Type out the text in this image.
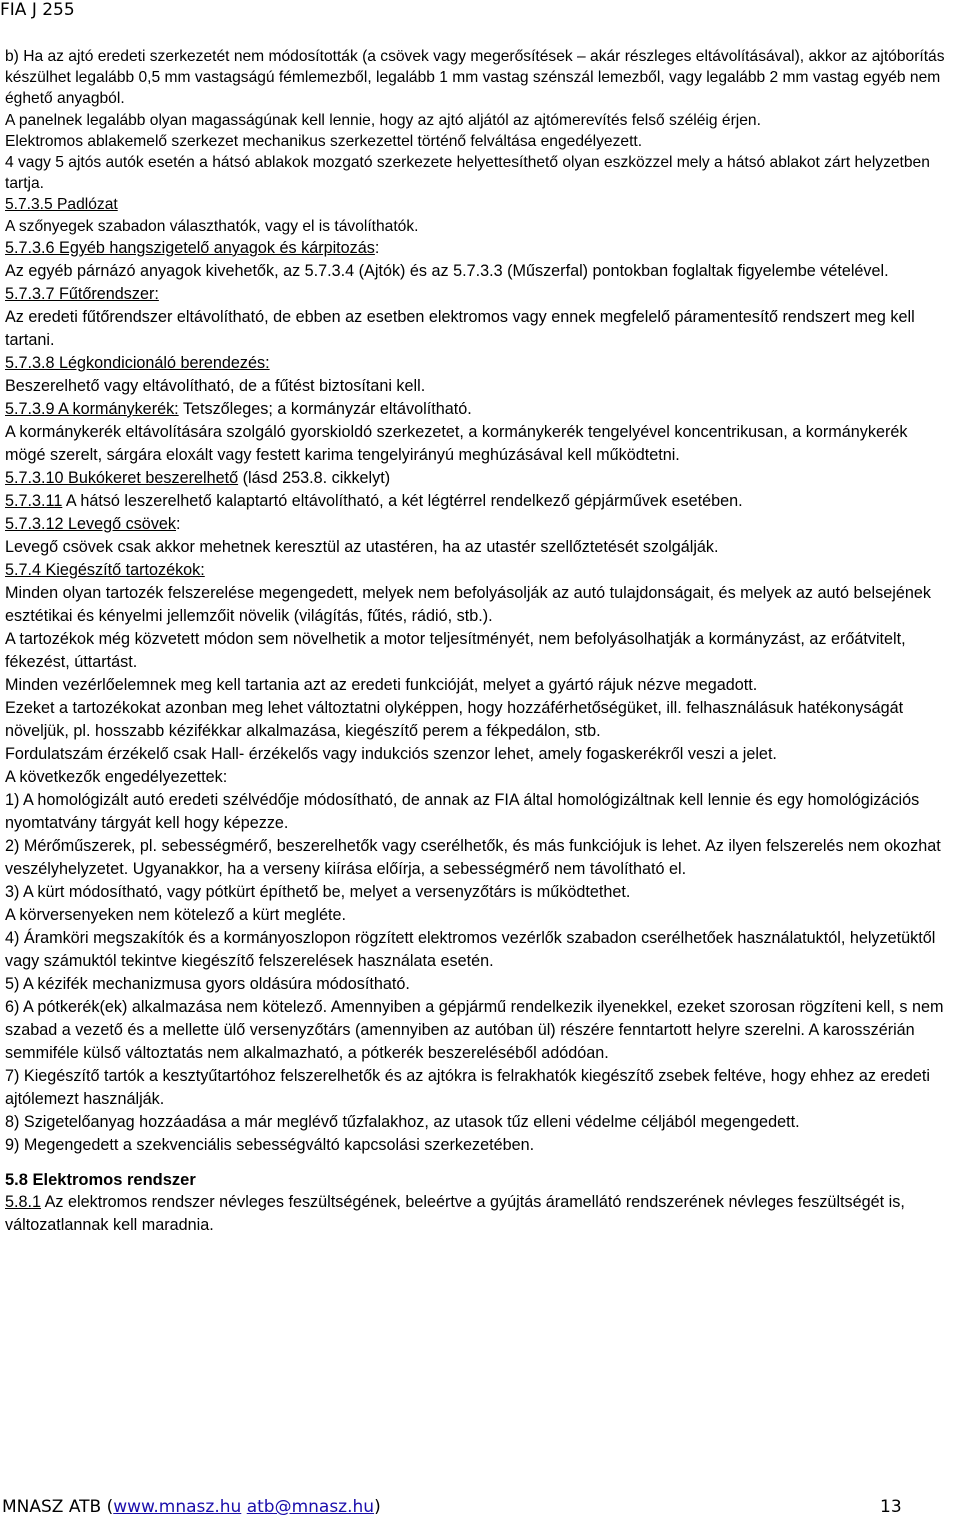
FIA J 255

b) Ha az ajtó eredeti szerkezetét nem módosították (a csövek vagy megerősítések – akár részleges eltávolításával), akkor az ajtóborítás készülhet legalább 0,5 mm vastagságú fémlemezből, legalább 1 mm vastag szénszál lemezből, vagy legalább 2 mm vastag egyéb nem éghető anyagból.

A panelnek legalább olyan magasságúnak kell lennie, hogy az ajtó aljától az ajtómerevítés felső széléig érjen.

Elektromos ablakemelő szerkezet mechanikus szerkezettel történő felváltása engedélyezett.

4 vagy 5 ajtós autók esetén a hátsó ablakok mozgató szerkezete helyettesíthető olyan eszközzel mely a hátsó ablakot zárt helyzetben tartja.

5.7.3.5 Padlózat

A szőnyegek szabadon választhatók, vagy el is távolíthatók.

5.7.3.6 Egyéb hangszigetelő anyagok és kárpitozás:

Az egyéb párnázó anyagok kivehetők, az 5.7.3.4 (Ajtók) és az 5.7.3.3 (Műszerfal) pontokban foglaltak figyelembe vételével.

5.7.3.7 Fűtőrendszer:

Az eredeti fűtőrendszer eltávolítható, de ebben az esetben elektromos vagy ennek megfelelő páramentesítő rendszert meg kell tartani.

5.7.3.8 Légkondicionáló berendezés:

Beszerelhető vagy eltávolítható, de a fűtést biztosítani kell.

5.7.3.9 A kormánykerék: Tetszőleges; a kormányzár eltávolítható.

A kormánykerék eltávolítására szolgáló gyorskioldó szerkezetet, a kormánykerék tengelyével koncentrikusan, a kormánykerék mögé szerelt, sárgára eloxált vagy festett karima tengelyirányú meghúzásával kell működtetni.

5.7.3.10 Bukókeret beszerelhető (lásd 253.8. cikkelyt)

5.7.3.11 A hátsó leszerelhető kalaptartó eltávolítható, a két légtérrel rendelkező gépjárművek esetében.

5.7.3.12 Levegő csövek:

Levegő csövek csak akkor mehetnek keresztül az utastéren, ha az utastér szellőztetését szolgálják.

5.7.4 Kiegészítő tartozékok:

Minden olyan tartozék felszerelése megengedett, melyek nem befolyásolják az autó tulajdonságait, és melyek az autó belsejének esztétikai és kényelmi jellemzőit növelik (világítás, fűtés, rádió, stb.).

A tartozékok még közvetett módon sem növelhetik a motor teljesítményét, nem befolyásolhatják a kormányzást, az erőátvitelt, fékezést, úttartást.

Minden vezérlőelemnek meg kell tartania azt az eredeti funkcióját, melyet a gyártó rájuk nézve megadott.

Ezeket a tartozékokat azonban meg lehet változtatni olyképpen, hogy hozzáférhetőségüket, ill. felhasználásuk hatékonyságát növeljük, pl. hosszabb kézifékkar alkalmazása, kiegészítő perem a fékpedálon, stb.

Fordulatszám érzékelő csak Hall- érzékelős vagy indukciós szenzor lehet, amely fogaskerékről veszi a jelet.

A következők engedélyezettek:

1) A homológizált autó eredeti szélvédője módosítható, de annak az FIA által homológizáltnak kell lennie és egy homológizációs nyomtatvány tárgyát kell hogy képezze.

2) Mérőműszerek, pl. sebességmérő, beszerelhetők vagy cserélhetők, és más funkciójuk is lehet. Az ilyen felszerelés nem okozhat veszélyhelyzetet. Ugyanakkor, ha a verseny kiírása előírja, a sebességmérő nem távolítható el.

3) A kürt módosítható, vagy pótkürt építhető be, melyet a versenyzőtárs is működtethet.

A körversenyeken nem kötelező a kürt megléte.

4) Áramköri megszakítók és a kormányoszlopon rögzített elektromos vezérlők szabadon cserélhetőek használatuktól, helyzetüktől vagy számuktól tekintve kiegészítő felszerelések használata esetén.

5) A kézifék mechanizmusa gyors oldásúra módosítható.

6) A pótkerék(ek) alkalmazása nem kötelező. Amennyiben a gépjármű rendelkezik ilyenekkel, ezeket szorosan rögzíteni kell, s nem szabad a vezető és a mellette ülő versenyzőtárs (amennyiben az autóban ül) részére fenntartott helyre szerelni. A karosszérián semmiféle külső változtatás nem alkalmazható, a pótkerék beszereléséből adódóan.

7) Kiegészítő tartók a kesztyűtartóhoz felszerelhetők és az ajtókra is felrakhatók kiegészítő zsebek feltéve, hogy ehhez az eredeti ajtólemezt használják.

8) Szigetelőanyag hozzáadása a már meglévő tűzfalakhoz, az utasok tűz elleni védelme céljából megengedett.

9) Megengedett a szekvenciális sebességváltó kapcsolási szerkezetében.

5.8 Elektromos rendszer

5.8.1 Az elektromos rendszer névleges feszültségének, beleértve a gyújtás áramellátó rendszerének névleges feszültségét is, változatlannak kell maradnia.

MNASZ ATB (www.mnasz.hu atb@mnasz.hu)	13
